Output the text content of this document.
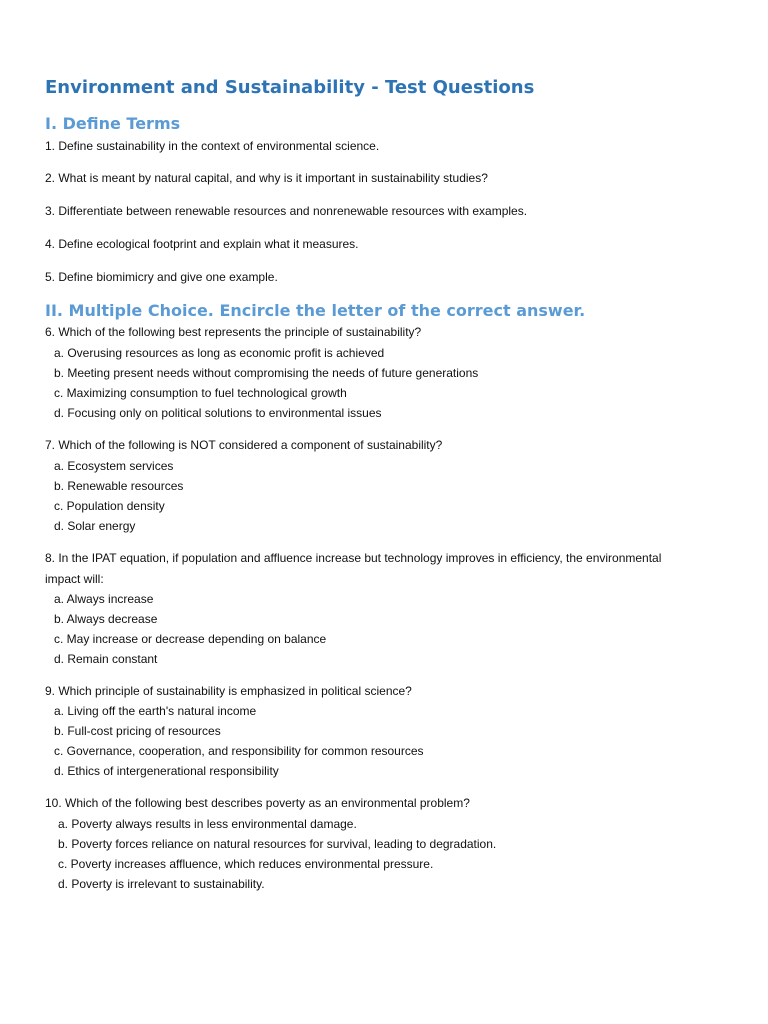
Environment and Sustainability - Test Questions
I. Define Terms

1. Define sustainability in the context of environmental science.

2. What is meant by natural capital, and why is it important in sustainability studies?

3. Differentiate between renewable resources and nonrenewable resources with examples.

4. Define ecological footprint and explain what it measures.

5. Define biomimicry and give one example.

II. Multiple Choice. Encircle the letter of the correct answer.

6. Which of the following best represents the principle of sustainability?

a. Overusing resources as long as economic profit is achieved

b. Meeting present needs without compromising the needs of future generations

c. Maximizing consumption to fuel technological growth

d. Focusing only on political solutions to environmental issues

7. Which of the following is NOT considered a component of sustainability?

a. Ecosystem services

b. Renewable resources

c. Population density

d. Solar energy

8. In the IPAT equation, if population and affluence increase but technology improves in efficiency, the environmental

impact will:

a. Always increase

b. Always decrease

c. May increase or decrease depending on balance

d. Remain constant

9. Which principle of sustainability is emphasized in political science?

a. Living off the earth's natural income

b. Full-cost pricing of resources

c. Governance, cooperation, and responsibility for common resources

d. Ethics of intergenerational responsibility

10. Which of the following best describes poverty as an environmental problem?

a. Poverty always results in less environmental damage.

b. Poverty forces reliance on natural resources for survival, leading to degradation.

c. Poverty increases affluence, which reduces environmental pressure.

d. Poverty is irrelevant to sustainability.
